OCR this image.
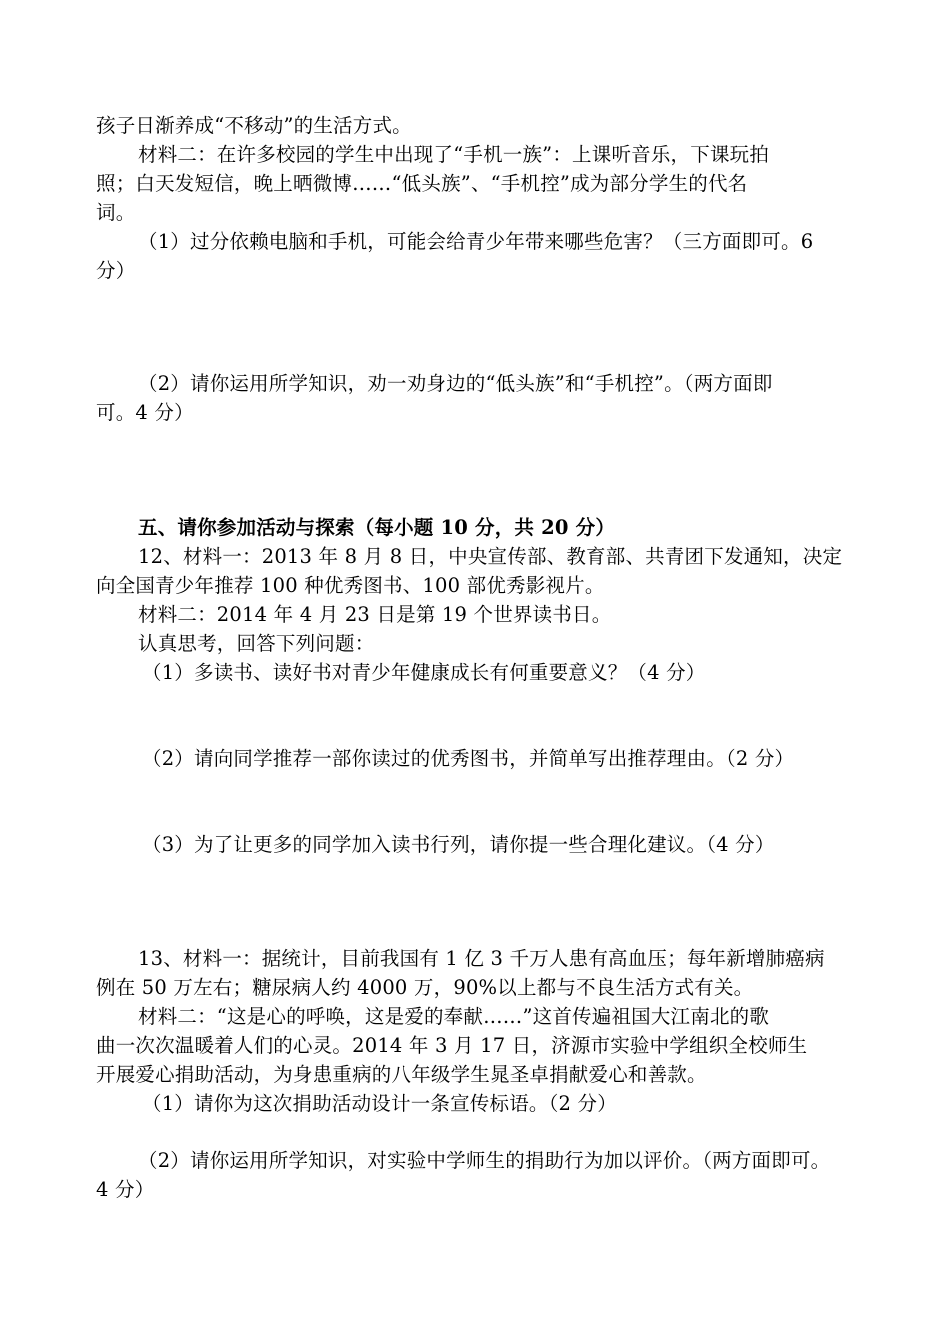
孩子日渐养成“不移动”的生活方式。
材料二：在许多校园的学生中出现了“手机一族”：上课听音乐，下课玩拍
照；白天发短信，晚上晒微博……“低头族”、“手机控”成为部分学生的代名
词。
（1）过分依赖电脑和手机，可能会给青少年带来哪些危害？（三方面即可。6
分）
（2）请你运用所学知识，劝一劝身边的“低头族”和“手机控”。（两方面即
可。4 分）
五、请你参加活动与探索（每小题 10 分，共 20 分）
12、材料一：2013 年 8 月 8 日，中央宣传部、教育部、共青团下发通知，决定
向全国青少年推荐 100 种优秀图书、100 部优秀影视片。
材料二：2014 年 4 月 23 日是第 19 个世界读书日。
认真思考，回答下列问题：
（1）多读书、读好书对青少年健康成长有何重要意义？（4 分）
（2）请向同学推荐一部你读过的优秀图书，并简单写出推荐理由。（2 分）
（3）为了让更多的同学加入读书行列，请你提一些合理化建议。（4 分）
13、材料一：据统计，目前我国有 1 亿 3 千万人患有高血压；每年新增肺癌病
例在 50 万左右；糖尿病人约 4000 万，90%以上都与不良生活方式有关。
材料二：“这是心的呼唤，这是爱的奉献……”这首传遍祖国大江南北的歌
曲一次次温暖着人们的心灵。2014 年 3 月 17 日，济源市实验中学组织全校师生
开展爱心捐助活动，为身患重病的八年级学生晁圣卓捐献爱心和善款。
（1）请你为这次捐助活动设计一条宣传标语。（2 分）
（2）请你运用所学知识，对实验中学师生的捐助行为加以评价。（两方面即可。
4 分）
